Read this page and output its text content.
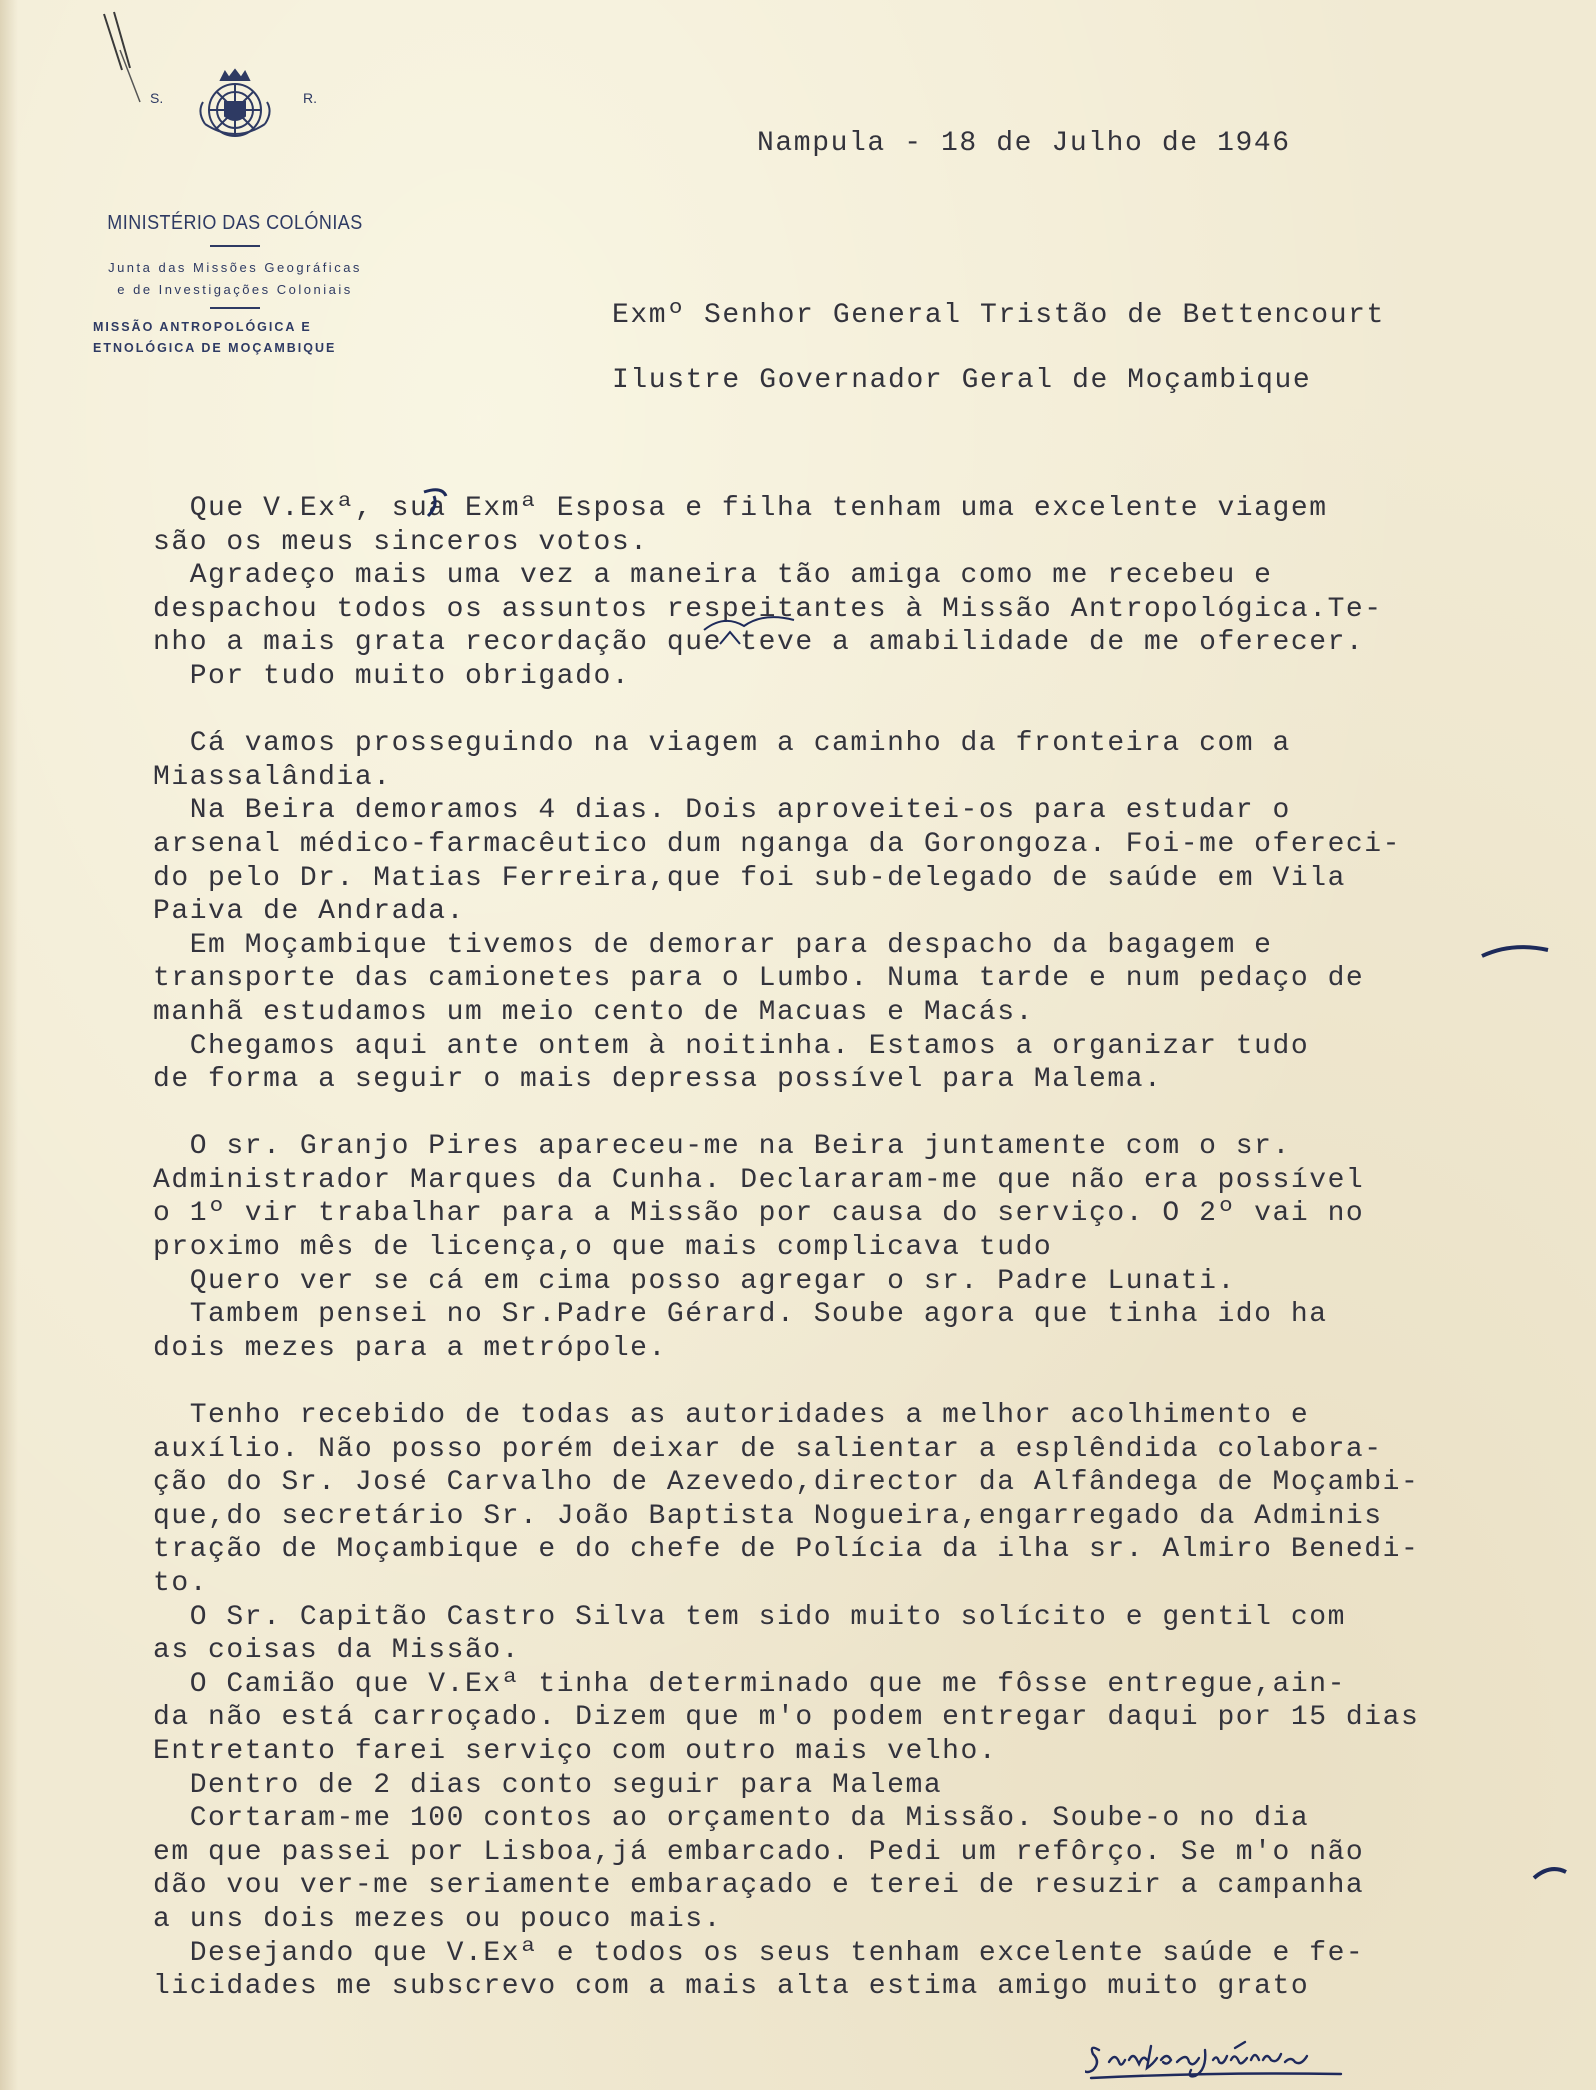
S.	R.
MINISTÉRIO DAS COLÓNIAS
Junta das Missões Geográficas
e de Investigações Coloniais
MISSÃO ANTROPOLÓGICA E
ETNOLÓGICA DE MOÇAMBIQUE
Nampula - 18 de Julho de 1946
Exmº Senhor General Tristão de Bettencourt
Ilustre Governador Geral de Moçambique
Que V.Exª, sua Exmª Esposa e filha tenham uma excelente viagem
são os meus sinceros votos.
Agradeço mais uma vez a maneira tão amiga como me recebeu e
despachou todos os assuntos respeitantes à Missão Antropológica.Te-
nho a mais grata recordação que teve a amabilidade de me oferecer.
Por tudo muito obrigado.
Cá vamos prosseguindo na viagem a caminho da fronteira com a
Miassalândia.
Na Beira demoramos 4 dias. Dois aproveitei-os para estudar o
arsenal médico-farmacêutico dum nganga da Gorongoza. Foi-me ofereci-
do pelo Dr. Matias Ferreira,que foi sub-delegado de saúde em Vila
Paiva de Andrada.
Em Moçambique tivemos de demorar para despacho da bagagem e
transporte das camionetes para o Lumbo. Numa tarde e num pedaço de
manhã estudamos um meio cento de Macuas e Macás.
Chegamos aqui ante ontem à noitinha. Estamos a organizar tudo
de forma a seguir o mais depressa possível para Malema.
O sr. Granjo Pires apareceu-me na Beira juntamente com o sr.
Administrador Marques da Cunha. Declararam-me que não era possível
o 1º vir trabalhar para a Missão por causa do serviço. O 2º vai no
proximo mês de licença,o que mais complicava tudo
Quero ver se cá em cima posso agregar o sr. Padre Lunati.
Tambem pensei no Sr.Padre Gérard. Soube agora que tinha ido ha
dois mezes para a metrópole.
Tenho recebido de todas as autoridades a melhor acolhimento e
auxílio. Não posso porém deixar de salientar a esplêndida colabora-
ção do Sr. José Carvalho de Azevedo,director da Alfândega de Moçambi-
que,do secretário Sr. João Baptista Nogueira,engarregado da Adminis
tração de Moçambique e do chefe de Polícia da ilha sr. Almiro Benedi-
to.
O Sr. Capitão Castro Silva tem sido muito solícito e gentil com
as coisas da Missão.
O Camião que V.Exª tinha determinado que me fôsse entregue,ain-
da não está carroçado. Dizem que m'o podem entregar daqui por 15 dias
Entretanto farei serviço com outro mais velho.
Dentro de 2 dias conto seguir para Malema
Cortaram-me 100 contos ao orçamento da Missão. Soube-o no dia
em que passei por Lisboa,já embarcado. Pedi um refôrço. Se m'o não
dão vou ver-me seriamente embaraçado e terei de resuzir a campanha
a uns dois mezes ou pouco mais.
Desejando que V.Exª e todos os seus tenham excelente saúde e fe-
licidades me subscrevo com a mais alta estima amigo muito grato
